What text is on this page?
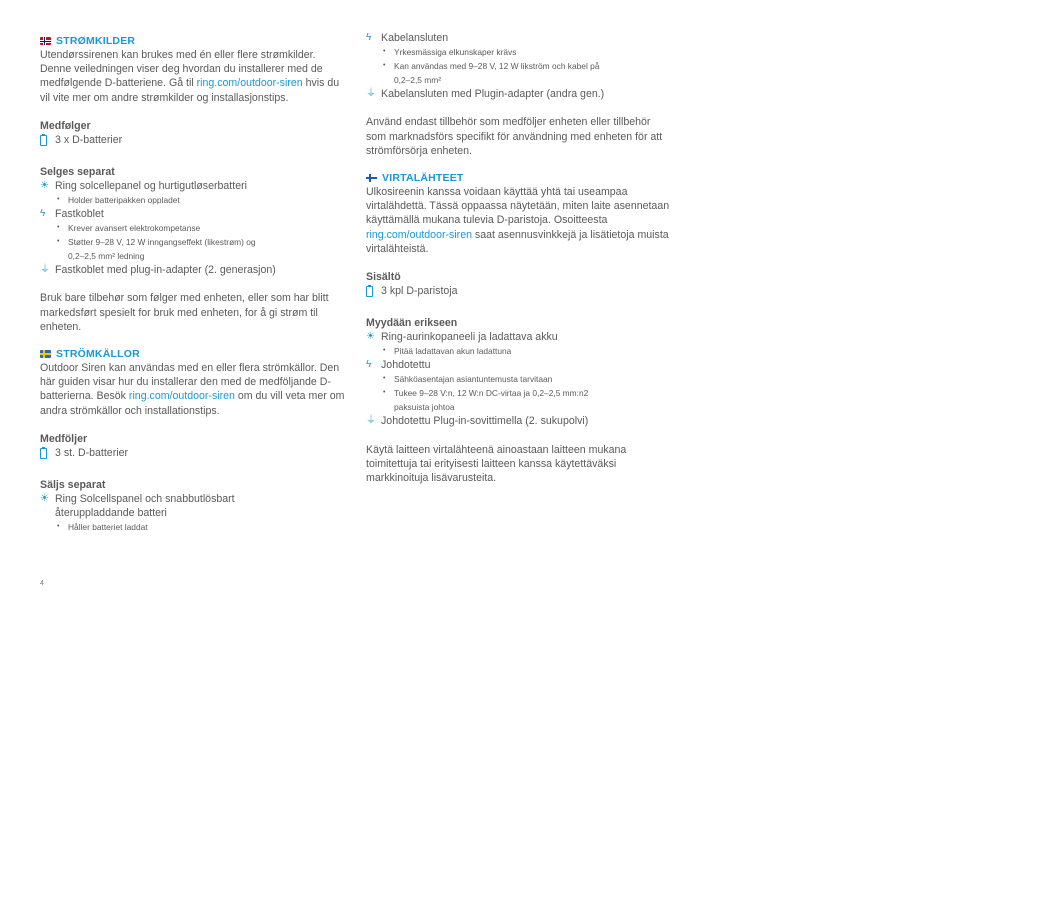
STRØMKILDER

Utendørssirenen kan brukes med én eller flere strømkilder. Denne veiledningen viser deg hvordan du installerer med de medfølgende D-batteriene. Gå til ring.com/outdoor-siren hvis du vil vite mer om andre strømkilder og installasjonstips.

Medfølger
3 x D-batterier
Selges separat
☀ Ring solcellepanel og hurtigutløserbatteri
• Holder batteripakken oppladet
ϟ Fastkoblet
• Krever avansert elektrokompetanse
• Støtter 9–28 V, 12 W inngangseffekt (likestrøm) og
0,2–2,5 mm² ledning
⏚ Fastkoblet med plug-in-adapter (2. generasjon)

Bruk bare tilbehør som følger med enheten, eller som har blitt markedsført spesielt for bruk med enheten, for å gi strøm til enheten.

STRÖMKÄLLOR

Outdoor Siren kan användas med en eller flera strömkällor. Den här guiden visar hur du installerar den med de medföljande D-batterierna. Besök ring.com/outdoor-siren om du vill veta mer om andra strömkällor och installationstips.

Medföljer
3 st. D-batterier
Säljs separat
☀ Ring Solcellspanel och snabbutlösbart
återuppladdande batteri
• Håller batteriet laddat
ϟ Kabelansluten
• Yrkesmässiga elkunskaper krävs
• Kan användas med 9–28 V, 12 W likström och kabel på
0,2–2,5 mm²
⏚ Kabelansluten med Plugin-adapter (andra gen.)

Använd endast tillbehör som medföljer enheten eller tillbehör som marknadsförs specifikt för användning med enheten för att strömförsörja enheten.

VIRTALÄHTEET

Ulkosireenin kanssa voidaan käyttää yhtä tai useampaa virtalähdettä. Tässä oppaassa näytetään, miten laite asennetaan käyttämällä mukana tulevia D-paristoja. Osoitteesta ring.com/outdoor-siren saat asennusvinkkejä ja lisätietoja muista virtalähteistä.

Sisältö
3 kpl D-paristoja
Myydään erikseen
☀ Ring-aurinkopaneeli ja ladattava akku
• Pitää ladattavan akun ladattuna
ϟ Johdotettu
• Sähköasentajan asiantuntemusta tarvitaan
• Tukee 9–28 V:n, 12 W:n DC-virtaa ja 0,2–2,5 mm:n2
paksuista johtoa
⏚ Johdotettu Plug-in-sovittimella (2. sukupolvi)

Käytä laitteen virtalähteenä ainoastaan laitteen mukana toimitettuja tai erityisesti laitteen kanssa käytettäväksi markkinoituja lisävarusteita.

4
